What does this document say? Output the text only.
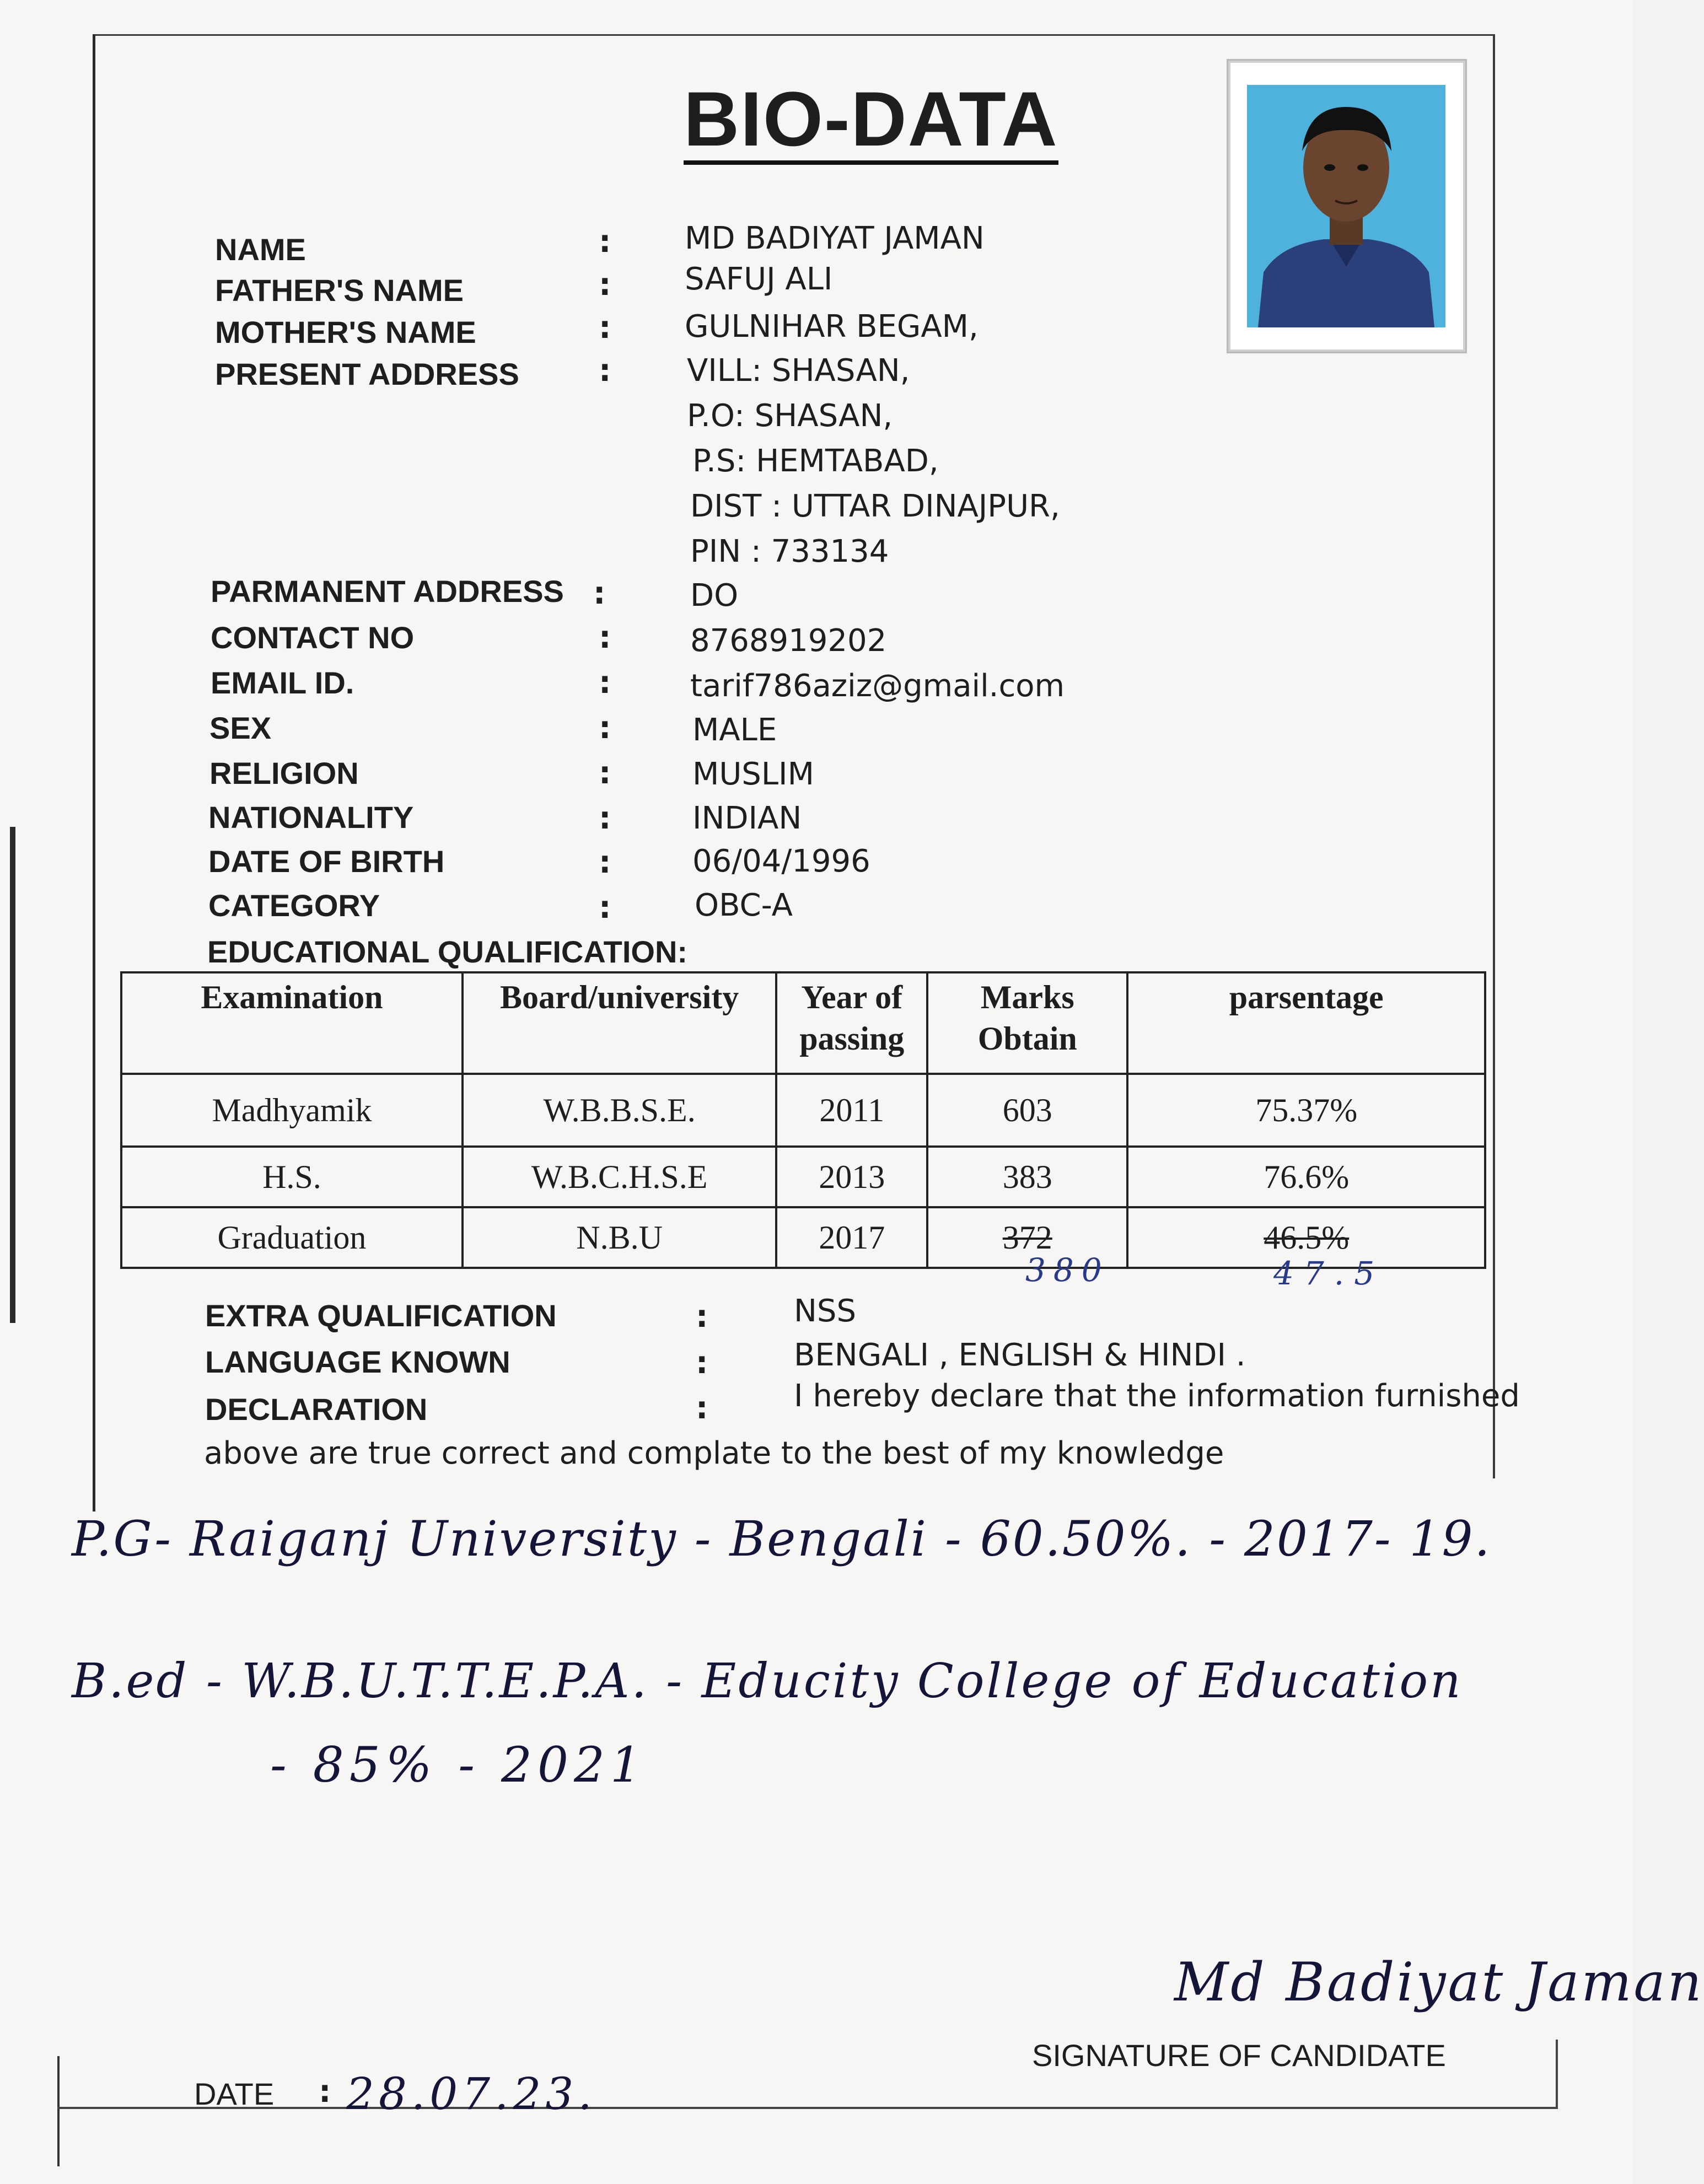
BIO-DATA
NAME	: MD BADIYAT JAMAN
FATHER'S NAME	: SAFUJ ALI
MOTHER'S NAME	: GULNIHAR BEGAM,
PRESENT ADDRESS	: VILL: SHASAN,
P.O: SHASAN,
P.S: HEMTABAD,
DIST : UTTAR DINAJPUR,
PIN : 733134
PARMANENT ADDRESS :	DO
CONTACT NO	:	8768919202
EMAIL ID.	:	tarif786aziz@gmail.com
SEX	:	MALE
RELIGION	:	MUSLIM
NATIONALITY	:	INDIAN
DATE OF BIRTH	:	06/04/1996
CATEGORY	:	OBC-A
EDUCATIONAL QUALIFICATION:
Examination	Board/university	Year of passing	Marks Obtain	parsentage
Madhyamik	W.B.B.S.E.	2011	603	75.37%
H.S.	W.B.C.H.S.E	2013	383	76.6%
Graduation	N.B.U	2017	372	46.5%
380	47.5
EXTRA QUALIFICATION	:	NSS
LANGUAGE KNOWN	:	BENGALI , ENGLISH & HINDI .
DECLARATION	:	I hereby declare that the information furnished
above are true correct and complate to the best of my knowledge
P.G- Raiganj University - Bengali - 60.50%. - 2017- 19.
B.ed - W.B.U.T.T.E.P.A. - Educity College of Education
- 85% - 2021
Md Badiyat Jaman
SIGNATURE OF CANDIDATE
DATE : 28.07.23.
